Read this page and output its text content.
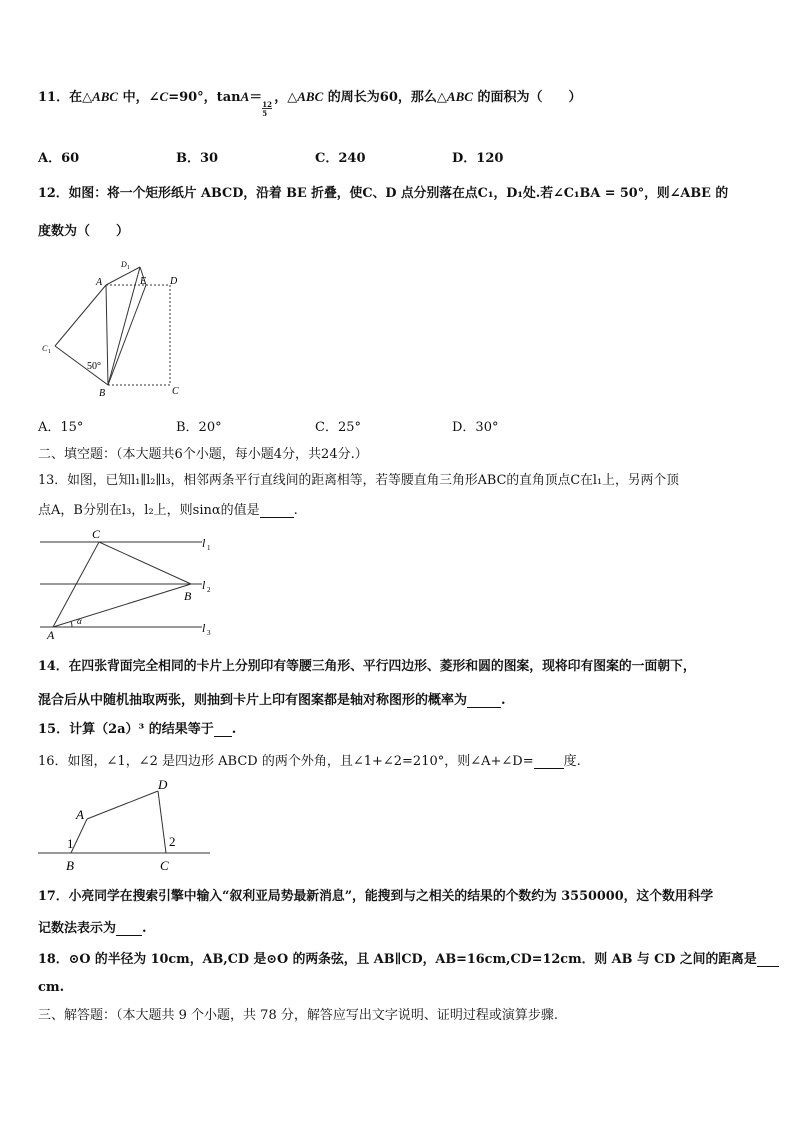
11．在△ABC 中，∠C=90°，tanA＝
$\frac{12}{5}$
，△ABC 的周长为60，那么△ABC 的面积为（　　）
A．60	B．30	C．240	D．120
12．如图：将一个矩形纸片 ABCD，沿着 BE 折叠，使C、D 点分别落在点C₁，D₁处.若∠C₁BA = 50°，则∠ABE 的
度数为（　　）
A
D 1
E D
C 1
50°
B	C
A．15°	B．20°	C．25°	D．30°
二、填空题：（本大题共6个小题，每小题4分，共24分.）
13．如图，已知l₁∥l₂∥l₃，相邻两条平行直线间的距离相等，若等腰直角三角形ABC的直角顶点C在l₁上，另两个顶
点A，B分别在l₃，l₂上，则sinα的值是	.
C
B
A
α
l 1
l 2
l 3
14．在四张背面完全相同的卡片上分别印有等腰三角形、平行四边形、菱形和圆的图案，现将印有图案的一面朝下，
混合后从中随机抽取两张，则抽到卡片上印有图案都是轴对称图形的概率为	.
15．计算（2a）³ 的结果等于 .
16．如图，∠1，∠2 是四边形 ABCD 的两个外角，且∠1+∠2=210°，则∠A+∠D= 度.
A
D
B	C
1	2
17．小亮同学在搜索引擎中输入“叙利亚局势最新消息”，能搜到与之相关的结果的个数约为 3550000，这个数用科学
记数法表示为 .
18．⊙O 的半径为 10cm，AB,CD 是⊙O 的两条弦，且 AB∥CD，AB=16cm,CD=12cm．则 AB 与 CD 之间的距离是
cm.
三、解答题：（本大题共 9 个小题，共 78 分，解答应写出文字说明、证明过程或演算步骤.
